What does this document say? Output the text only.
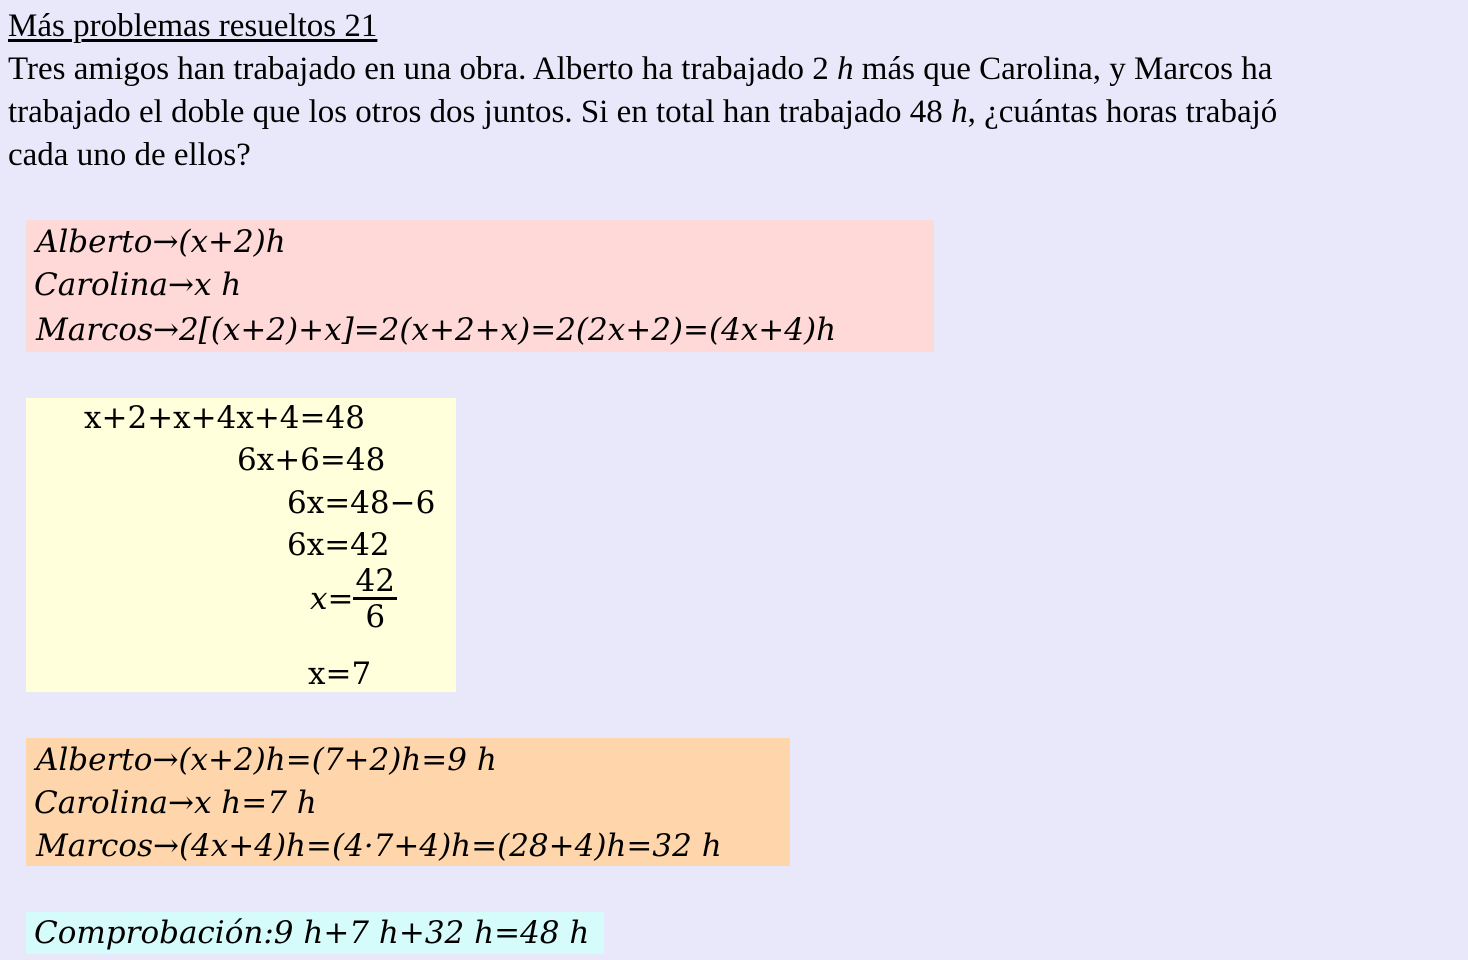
Más problemas resueltos 21
Tres amigos han trabajado en una obra. Alberto ha trabajado 2 h más que Carolina, y Marcos ha
trabajado el doble que los otros dos juntos. Si en total han trabajado 48 h, ¿cuántas horas trabajó
cada uno de ellos?
Alberto→(x+2)h
Carolina→x h
Marcos→2[(x+2)+x]=2(x+2+x)=2(2x+2)=(4x+4)h
x+2+x+4x+4=48
6x+6=48
6x=48−6
6x=42
$x= \frac{42}{6}$
x=7
Alberto→(x+2)h=(7+2)h=9 h
Carolina→x h=7 h
Marcos→(4x+4)h=(4·7+4)h=(28+4)h=32 h
Comprobación:9 h+7 h+32 h=48 h
